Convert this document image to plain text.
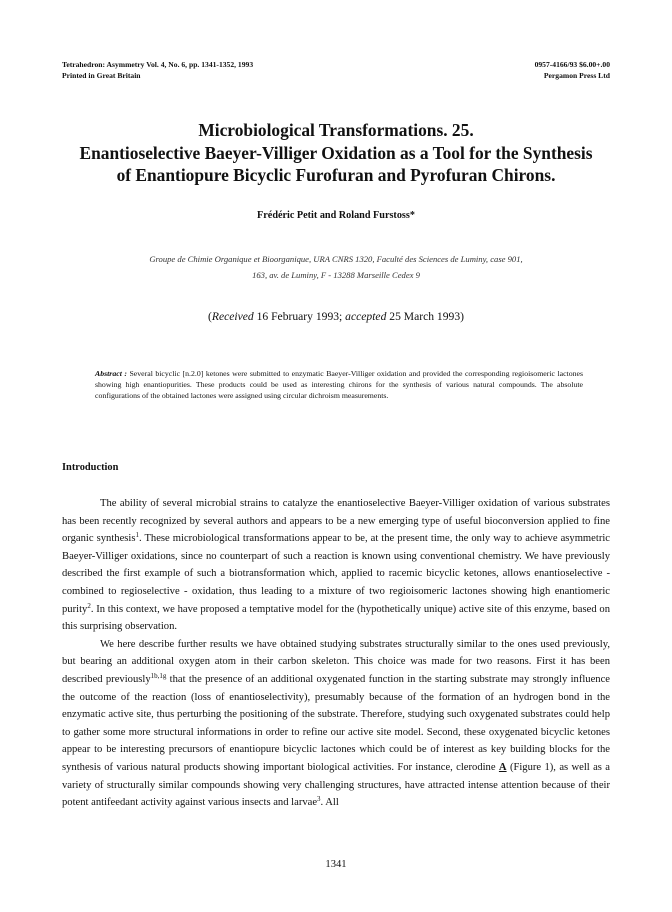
Tetrahedron: Asymmetry Vol. 4, No. 6, pp. 1341-1352, 1993
Printed in Great Britain
0957-4166/93 $6.00+.00
Pergamon Press Ltd
Microbiological Transformations. 25.
Enantioselective Baeyer-Villiger Oxidation as a Tool for the Synthesis
of Enantiopure Bicyclic Furofuran and Pyrofuran Chirons.
Frédéric Petit and Roland Furstoss*
Groupe de Chimie Organique et Bioorganique, URA CNRS 1320, Faculté des Sciences de Luminy, case 901,
163, av. de Luminy, F - 13288 Marseille Cedex 9
(Received 16 February 1993; accepted 25 March 1993)
Abstract : Several bicyclic [n.2.0] ketones were submitted to enzymatic Baeyer-Villiger oxidation and provided the corresponding regioisomeric lactones showing high enantiopurities. These products could be used as interesting chirons for the synthesis of various natural compounds. The absolute configurations of the obtained lactones were assigned using circular dichroism measurements.
Introduction

The ability of several microbial strains to catalyze the enantioselective Baeyer-Villiger oxidation of various substrates has been recently recognized by several authors and appears to be a new emerging type of useful bioconversion applied to fine organic synthesis$^1$. These microbiological transformations appear to be, at the present time, the only way to achieve asymmetric Baeyer-Villiger oxidations, since no counterpart of such a reaction is known using conventional chemistry. We have previously described the first example of such a biotransformation which, applied to racemic bicyclic ketones, allows enantioselective - combined to regioselective - oxidation, thus leading to a mixture of two regioisomeric lactones showing high enantiomeric purity$^2$. In this context, we have proposed a temptative model for the (hypothetically unique) active site of this enzyme, based on this surprising observation.

We here describe further results we have obtained studying substrates structurally similar to the ones used previously, but bearing an additional oxygen atom in their carbon skeleton. This choice was made for two reasons. First it has been described previously$^{1b,1g}$ that the presence of an additional oxygenated function in the starting substrate may strongly influence the outcome of the reaction (loss of enantioselectivity), presumably because of the formation of an hydrogen bond in the enzymatic active site, thus perturbing the positioning of the substrate. Therefore, studying such oxygenated substrates could help to gather some more structural informations in order to refine our active site model. Second, these oxygenated bicyclic ketones appear to be interesting precursors of enantiopure bicyclic lactones which could be of interest as key building blocks for the synthesis of various natural products showing important biological activities. For instance, clerodine A (Figure 1), as well as a variety of structurally similar compounds showing very challenging structures, have attracted intense attention because of their potent antifeedant activity against various insects and larvae$^3$. All

1341
